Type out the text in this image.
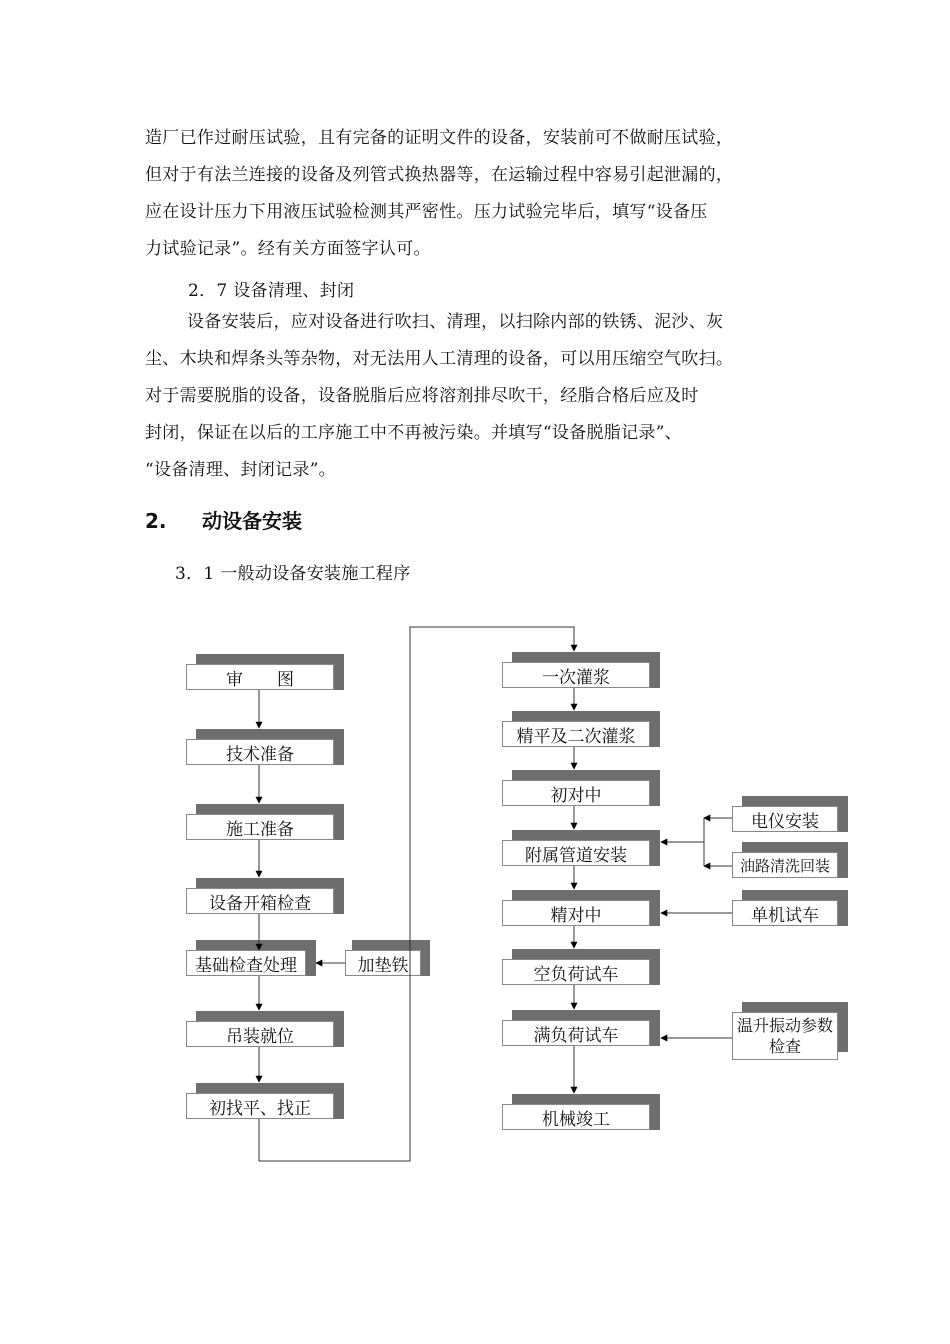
造厂已作过耐压试验，且有完备的证明文件的设备，安装前可不做耐压试验，

但对于有法兰连接的设备及列管式换热器等，在运输过程中容易引起泄漏的，

应在设计压力下用液压试验检测其严密性。压力试验完毕后，填写“设备压

力试验记录”。经有关方面签字认可。

2．7 设备清理、封闭

设备安装后，应对设备进行吹扫、清理，以扫除内部的铁锈、泥沙、灰

尘、木块和焊条头等杂物，对无法用人工清理的设备，可以用压缩空气吹扫。

对于需要脱脂的设备，设备脱脂后应将溶剂排尽吹干，经脂合格后应及时

封闭，保证在以后的工序施工中不再被污染。并填写“设备脱脂记录”、

“设备清理、封闭记录”。

2. 动设备安装
3．1 一般动设备安装施工程序
审　　图
技术准备
施工准备
设备开箱检查
基础检查处理	加垫铁
吊装就位
初找平、找正
一次灌浆
精平及二次灌浆
初对中
附属管道安装
精对中
空负荷试车
满负荷试车
机械竣工
电仪安装
油路清洗回装
单机试车
温升振动参数检查
